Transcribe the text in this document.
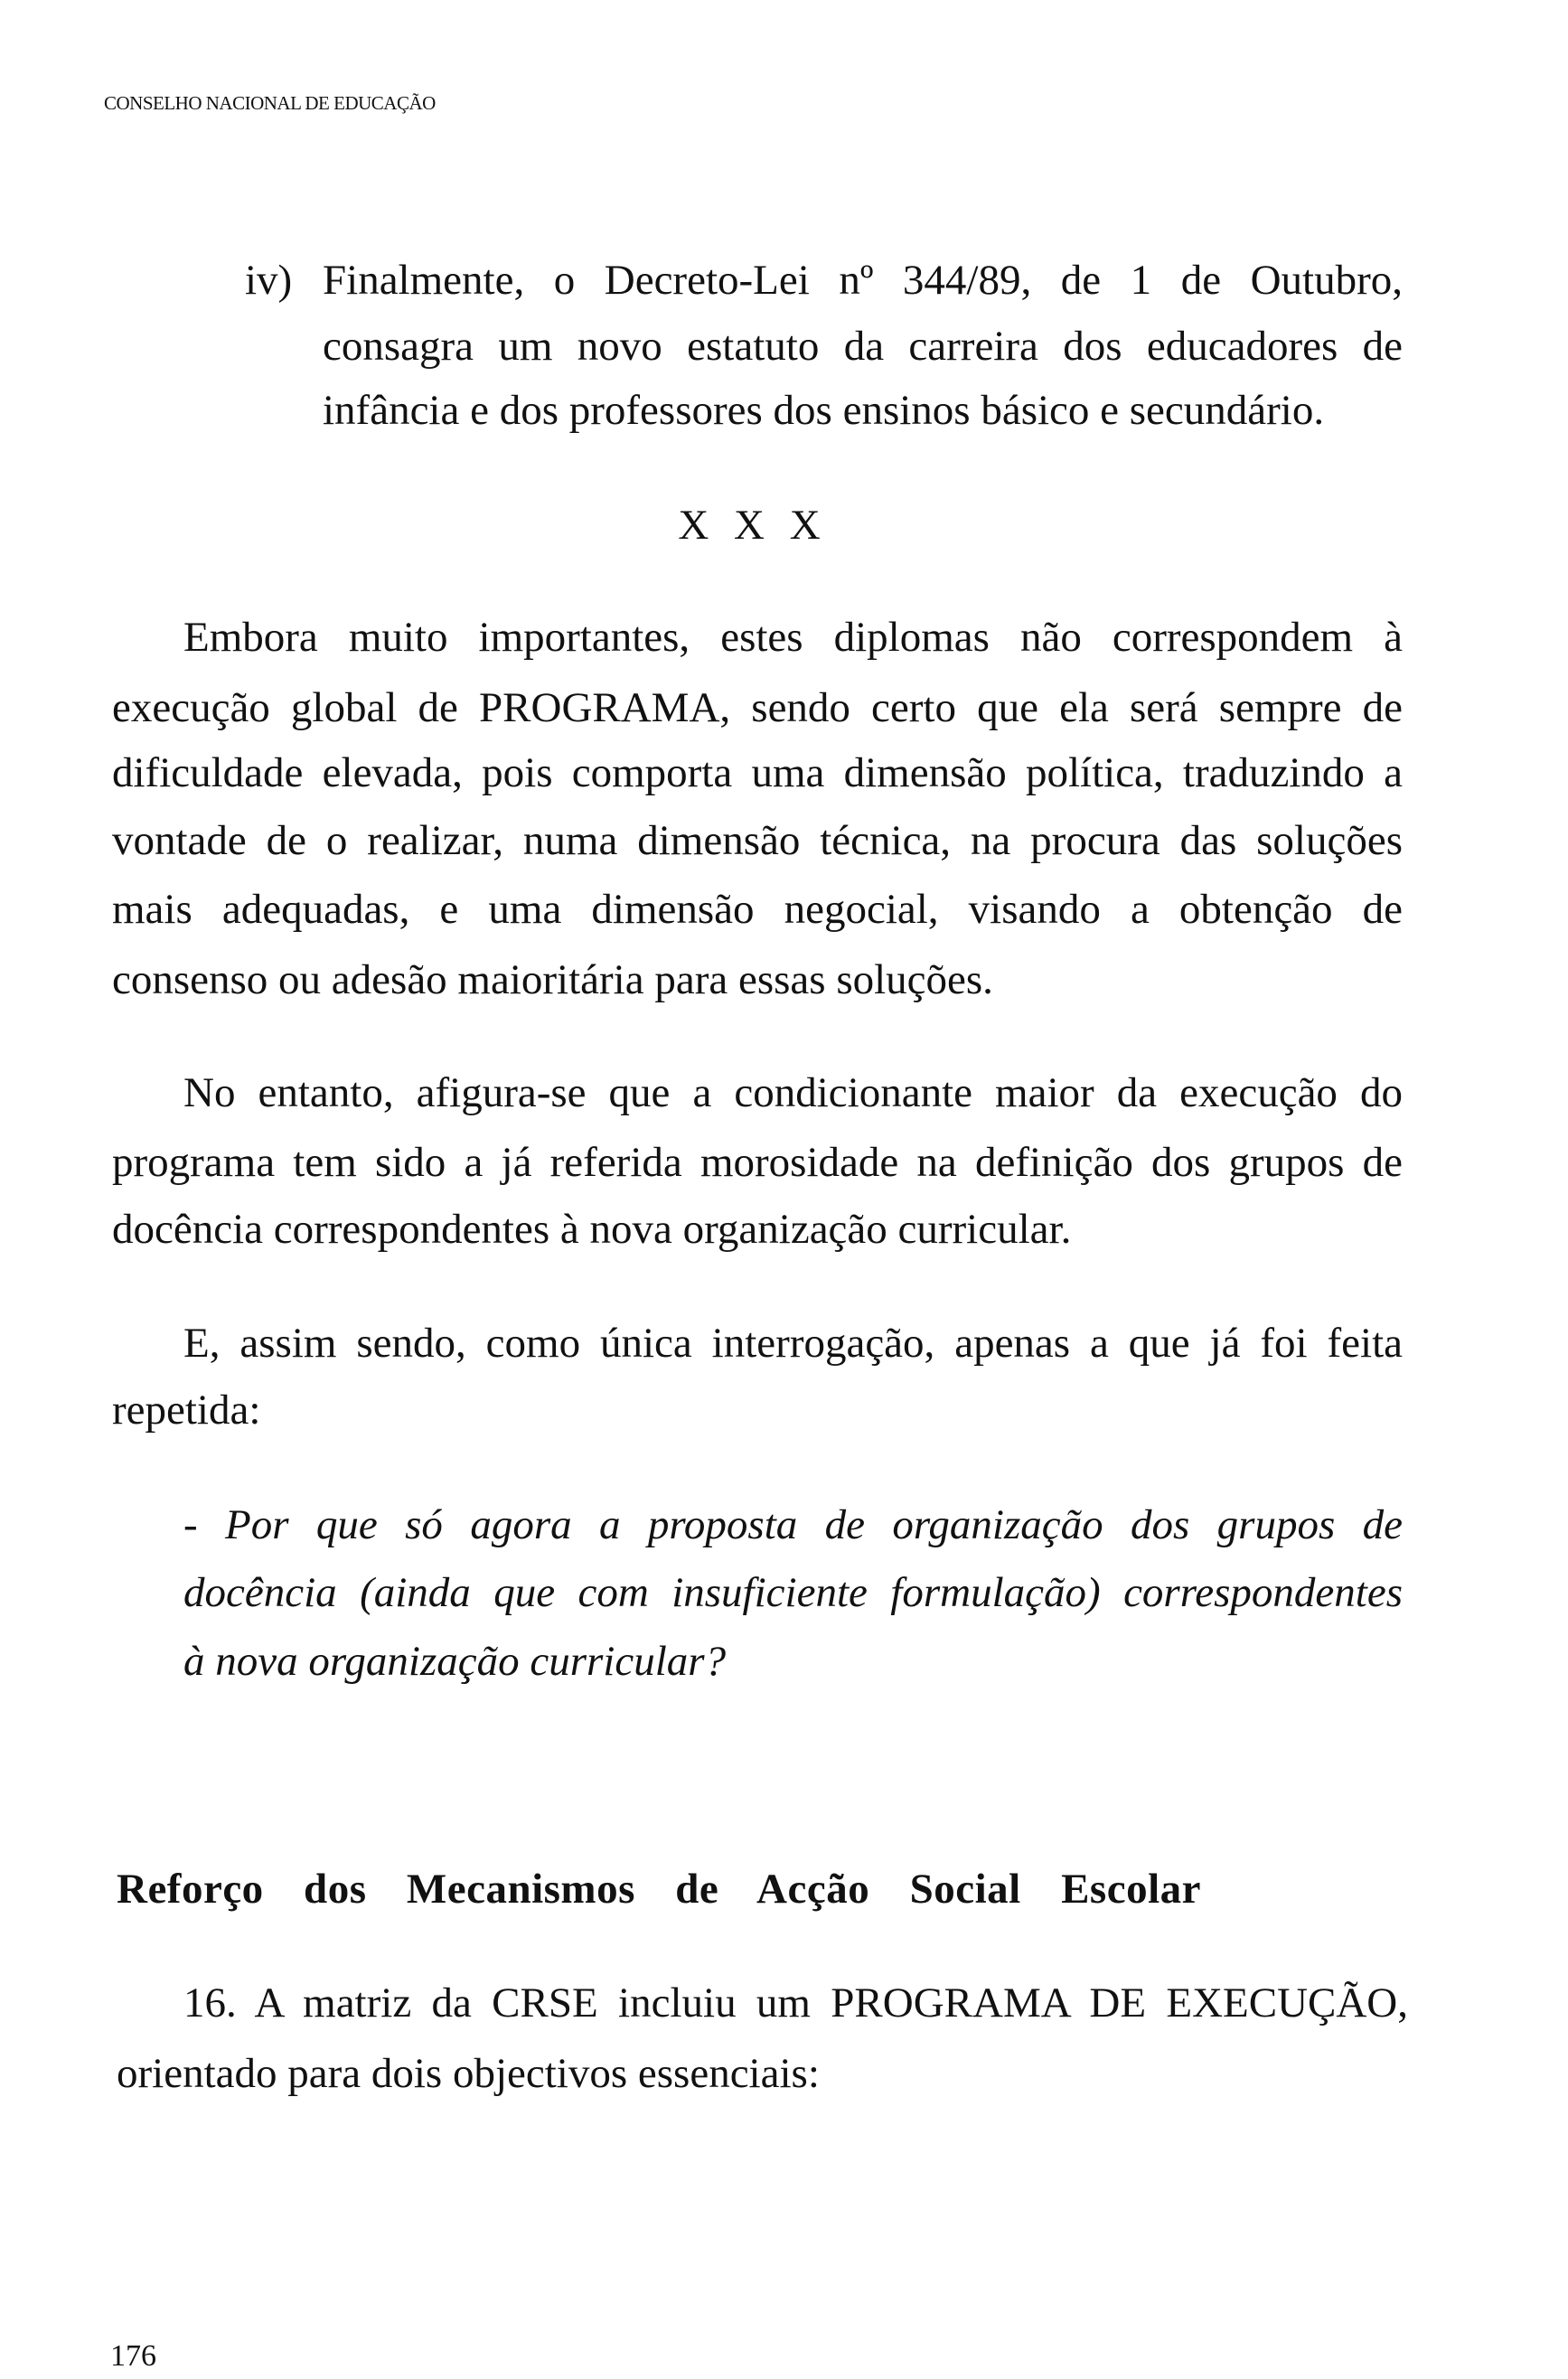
CONSELHO NACIONAL DE EDUCAÇÃO
iv) Finalmente, o Decreto-Lei nº 344/89, de 1 de Outubro,
consagra um novo estatuto da carreira dos educadores de
infância e dos professores dos ensinos básico e secundário.
X X X
Embora muito importantes, estes diplomas não correspondem à
execução global de PROGRAMA, sendo certo que ela será sempre de
dificuldade elevada, pois comporta uma dimensão política, traduzindo a
vontade de o realizar, numa dimensão técnica, na procura das soluções
mais adequadas, e uma dimensão negocial, visando a obtenção de
consenso ou adesão maioritária para essas soluções.
No entanto, afigura-se que a condicionante maior da execução do
programa tem sido a já referida morosidade na definição dos grupos de
docência correspondentes à nova organização curricular.
E, assim sendo, como única interrogação, apenas a que já foi feita
repetida:
- Por que só agora a proposta de organização dos grupos de
docência (ainda que com insuficiente formulação) correspondentes
à nova organização curricular?
Reforço dos Mecanismos de Acção Social Escolar
16. A matriz da CRSE incluiu um PROGRAMA DE EXECUÇÃO,
orientado para dois objectivos essenciais:
176
